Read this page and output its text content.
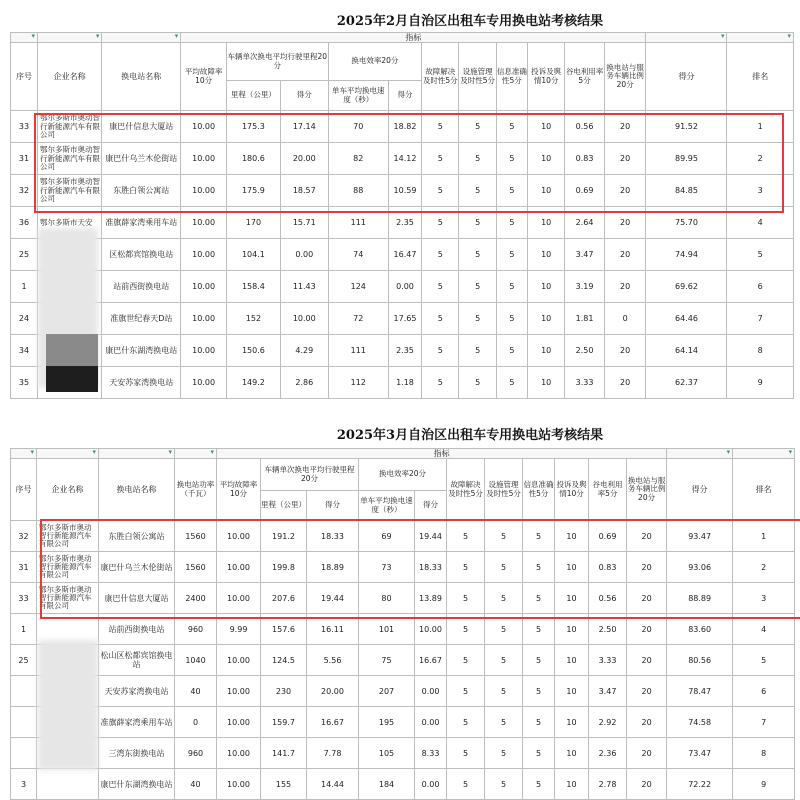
2025年2月自治区出租车专用换电站考核结果
▾	▾	▾	指标	▾	▾
序号	企业名称	换电站名称	平均故障率10分	车辆单次换电平均行驶里程20分		换电效率20分		故障解决及时性5分	设施管理及时性5分	信息准确性5分	投诉及舆情10分	谷电利用率5分	换电站与服务车辆比例20分	得分	排名
				里程（公里）	得分	单车平均换电速度（秒）	得分								
33	鄂尔多斯市奥动智行新能源汽车有限公司	康巴什信息大厦站	10.00	175.3	17.14	70	18.82	5	5	5	10	0.56	20	91.52	1
31	鄂尔多斯市奥动智行新能源汽车有限公司	康巴什乌兰木伦街站	10.00	180.6	20.00	82	14.12	5	5	5	10	0.83	20	89.95	2
32	鄂尔多斯市奥动智行新能源汽车有限公司	东胜白领公寓站	10.00	175.9	18.57	88	10.59	5	5	5	10	0.69	20	84.85	3
36	鄂尔多斯市天安	准旗薛家湾乘用车站	10.00	170	15.71	111	2.35	5	5	5	10	2.64	20	75.70	4
25		区松都宾馆换电站	10.00	104.1	0.00	74	16.47	5	5	5	10	3.47	20	74.94	5
1		站前西街换电站	10.00	158.4	11.43	124	0.00	5	5	5	10	3.19	20	69.62	6
24		准旗世纪春天D站	10.00	152	10.00	72	17.65	5	5	5	10	1.81	0	64.46	7
34		康巴什东湖湾换电站	10.00	150.6	4.29	111	2.35	5	5	5	10	2.50	20	64.14	8
35		天安苏家湾换电站	10.00	149.2	2.86	112	1.18	5	5	5	10	3.33	20	62.37	9
2025年3月自治区出租车专用换电站考核结果
▾	▾	▾	▾	指标	▾	▾
序号	企业名称	换电站名称	换电站功率（千瓦）	平均故障率10分	车辆单次换电平均行驶里程20分		换电效率20分		故障解决及时性5分	设施管理及时性5分	信息准确性5分	投诉及舆情10分	谷电利用率5分	换电站与服务车辆比例20分	得分	排名
					里程（公里）	得分	单车平均换电速度（秒）	得分								
32	鄂尔多斯市奥动智行新能源汽车有限公司	东胜白领公寓站	1560	10.00	191.2	18.33	69	19.44	5	5	5	10	0.69	20	93.47	1
31	鄂尔多斯市奥动智行新能源汽车有限公司	康巴什乌兰木伦街站	1560	10.00	199.8	18.89	73	18.33	5	5	5	10	0.83	20	93.06	2
33	鄂尔多斯市奥动智行新能源汽车有限公司	康巴什信息大厦站	2400	10.00	207.6	19.44	80	13.89	5	5	5	10	0.56	20	88.89	3
1		站前西街换电站	960	9.99	157.6	16.11	101	10.00	5	5	5	10	2.50	20	83.60	4
25		松山区松都宾馆换电站	1040	10.00	124.5	5.56	75	16.67	5	5	5	10	3.33	20	80.56	5
		天安苏家湾换电站	40	10.00	230	20.00	207	0.00	5	5	5	10	3.47	20	78.47	6
		准旗薛家湾乘用车站	0	10.00	159.7	16.67	195	0.00	5	5	5	10	2.92	20	74.58	7
		三湾东街换电站	960	10.00	141.7	7.78	105	8.33	5	5	5	10	2.36	20	73.47	8
3		康巴什东湖湾换电站	40	10.00	155	14.44	184	0.00	5	5	5	10	2.78	20	72.22	9
